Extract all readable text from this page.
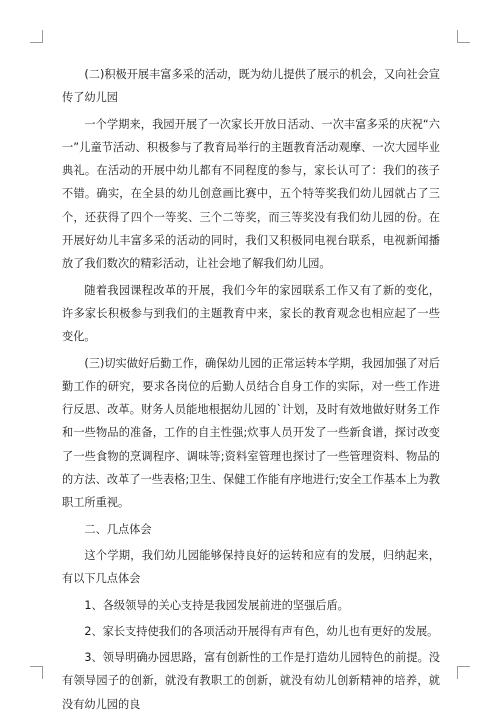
(二)积极开展丰富多采的活动，既为幼儿提供了展示的机会，又向社会宣传了幼儿园

一个学期来，我园开展了一次家长开放日活动、一次丰富多采的庆祝“六一”儿童节活动、积极参与了教育局举行的主题教育活动观摩、一次大园毕业典礼。在活动的开展中幼儿都有不同程度的参与，家长认可了：我们的孩子不错。确实，在全县的幼儿创意画比赛中，五个特等奖我们幼儿园就占了三个，还获得了四个一等奖、三个二等奖，而三等奖没有我们幼儿园的份。在开展好幼儿丰富多采的活动的同时，我们又积极同电视台联系，电视新闻播放了我们数次的精彩活动，让社会地了解我们幼儿园。

随着我园课程改革的开展，我们今年的家园联系工作又有了新的变化，许多家长积极参与到我们的主题教育中来，家长的教育观念也相应起了一些变化。

(三)切实做好后勤工作，确保幼儿园的正常运转本学期，我园加强了对后勤工作的研究，要求各岗位的后勤人员结合自身工作的实际，对一些工作进行反思、改革。财务人员能地根据幼儿园的`计划，及时有效地做好财务工作和一些物品的准备，工作的自主性强;炊事人员开发了一些新食谱，探讨改变了一些食物的烹调程序、调味等;资料室管理也探讨了一些管理资料、物品的的方法、改革了一些表格;卫生、保健工作能有序地进行;安全工作基本上为教职工所重视。

二、几点体会

这个学期，我们幼儿园能够保持良好的运转和应有的发展，归纳起来，有以下几点体会

1、各级领导的关心支持是我园发展前进的坚强后盾。

2、家长支持使我们的各项活动开展得有声有色，幼儿也有更好的发展。

3、领导明确办园思路，富有创新性的工作是打造幼儿园特色的前提。没有领导园子的创新，就没有教职工的创新，就没有幼儿创新精神的培养，就没有幼儿园的良
